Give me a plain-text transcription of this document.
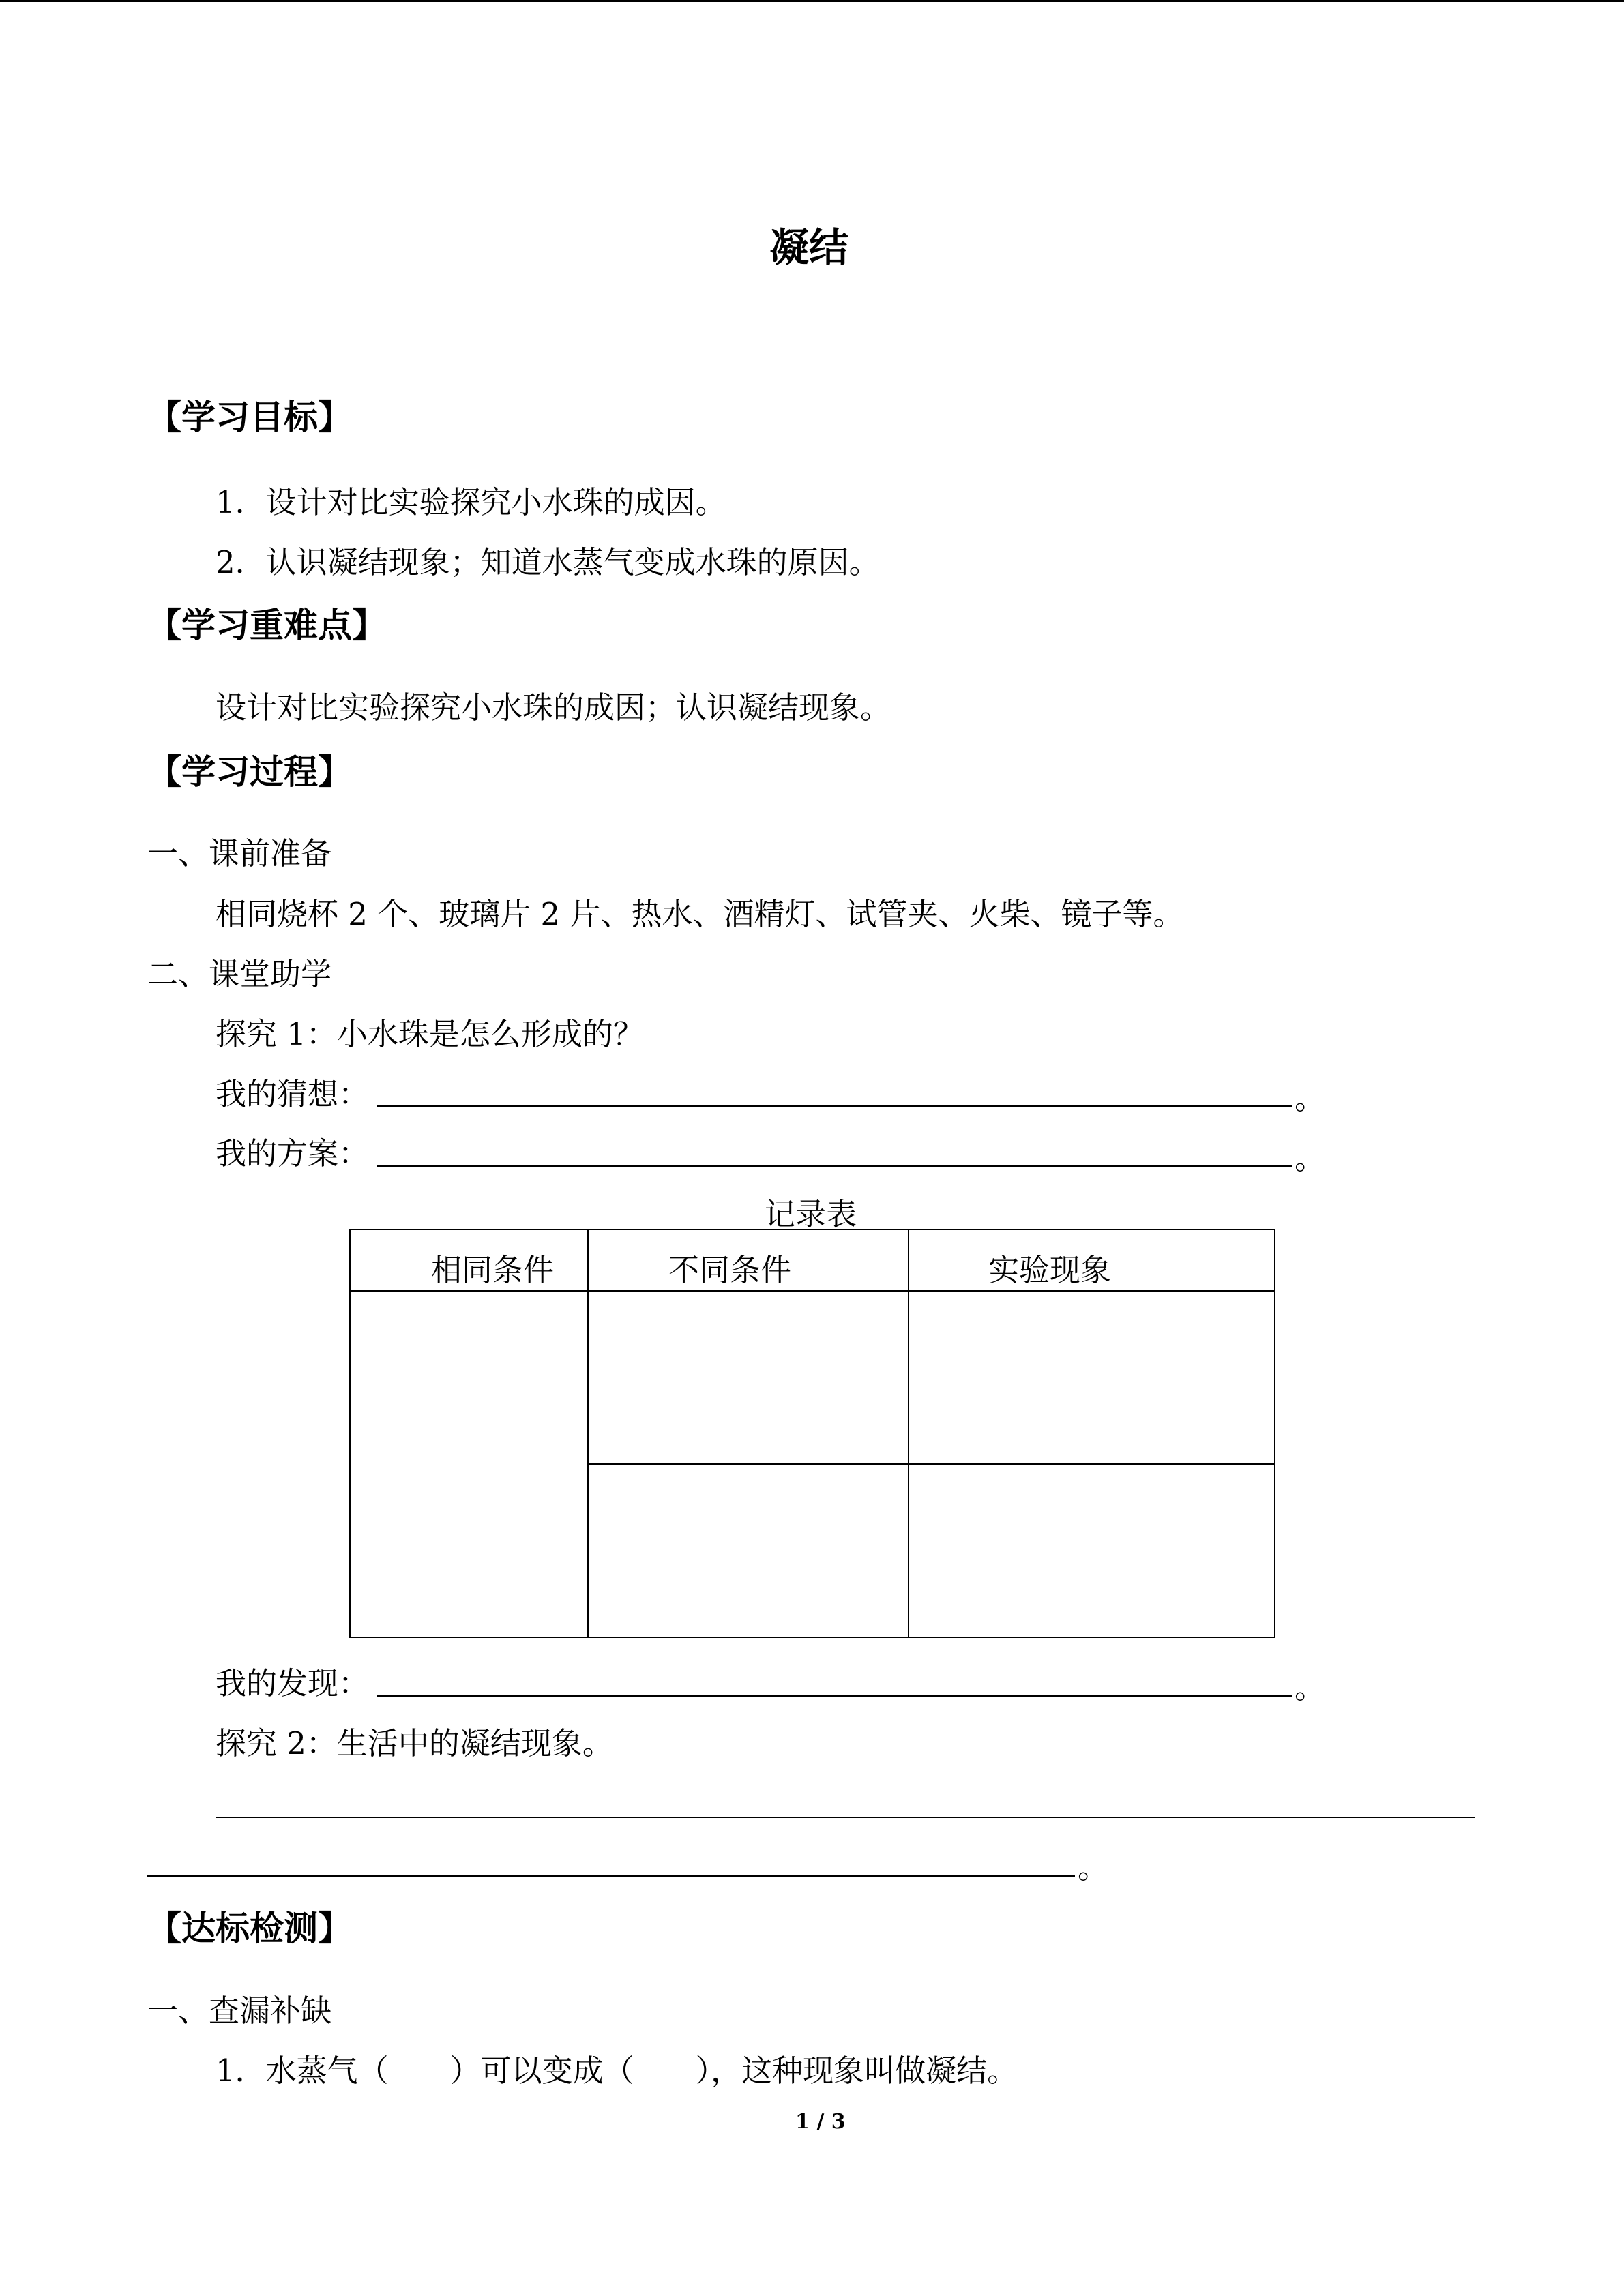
凝结
【学习目标】
1．设计对比实验探究小水珠的成因。
2．认识凝结现象；知道水蒸气变成水珠的原因。
【学习重难点】
设计对比实验探究小水珠的成因；认识凝结现象。
【学习过程】
一、课前准备
相同烧杯 2 个、玻璃片 2 片、热水、酒精灯、试管夹、火柴、镜子等。
二、课堂助学
探究 1：小水珠是怎么形成的？
我的猜想：	。
我的方案：	。
记录表
相同条件	不同条件	实验现象
我的发现：	。
探究 2：生活中的凝结现象。
。
【达标检测】
一、查漏补缺
1．水蒸气（　　）可以变成（　　），这种现象叫做凝结。
1 / 3
